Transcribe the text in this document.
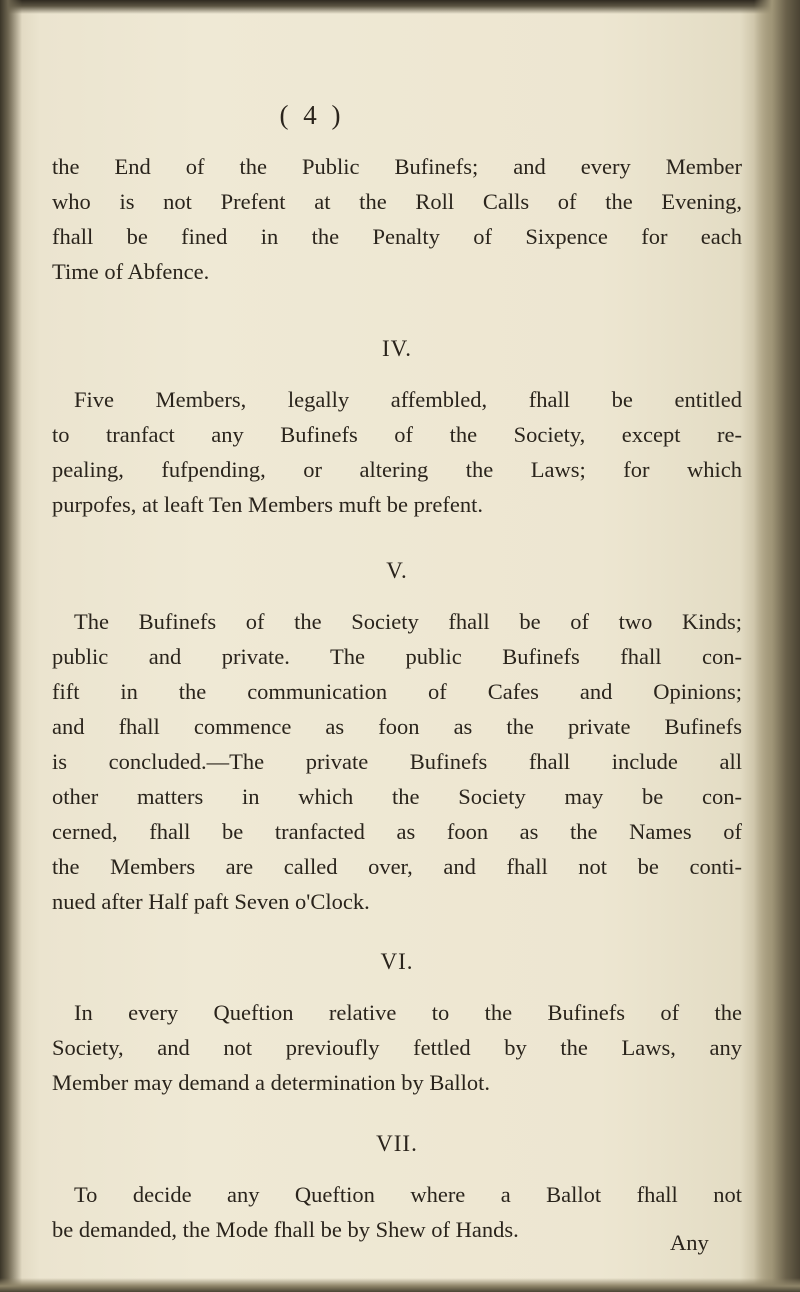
( 4 )
the End of the Public Bufinefs; and every Member
who is not Prefent at the Roll Calls of the Evening,
fhall be fined in the Penalty of Sixpence for each
Time of Abfence.
IV.
Five Members, legally affembled, fhall be entitled
to tranfact any Bufinefs of the Society, except re-
pealing, fufpending, or altering the Laws; for which
purpofes, at leaft Ten Members muft be prefent.
V.
The Bufinefs of the Society fhall be of two Kinds;
public and private. The public Bufinefs fhall con-
fift in the communication of Cafes and Opinions;
and fhall commence as foon as the private Bufinefs
is concluded.—The private Bufinefs fhall include all
other matters in which the Society may be con-
cerned, fhall be tranfacted as foon as the Names of
the Members are called over, and fhall not be conti-
nued after Half paft Seven o'Clock.
VI.
In every Queftion relative to the Bufinefs of the
Society, and not previoufly fettled by the Laws, any
Member may demand a determination by Ballot.
VII.
To decide any Queftion where a Ballot fhall not
be demanded, the Mode fhall be by Shew of Hands.
Any
